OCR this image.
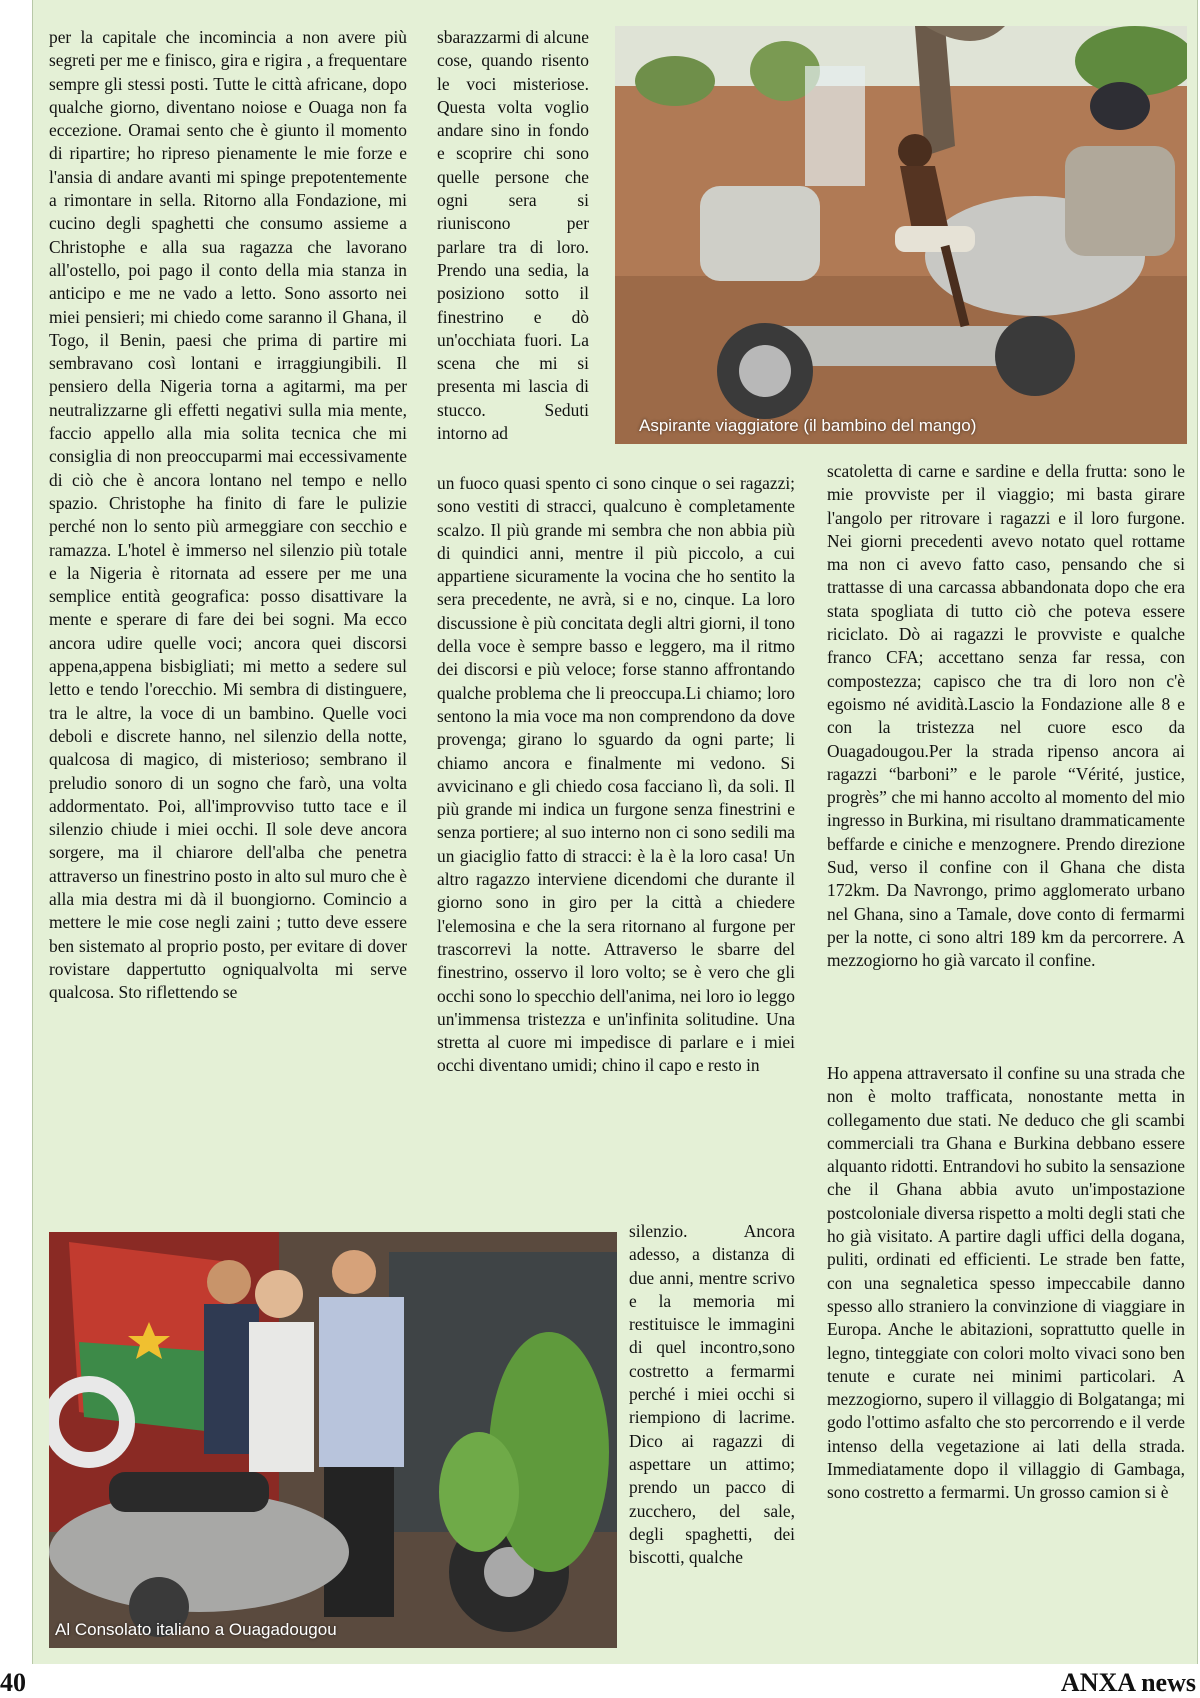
per la capitale che incomincia a non avere più segreti per me e finisco, gira e rigira , a frequentare sempre gli stessi posti. Tutte le città africane, dopo qualche giorno, diventano noiose e Ouaga non fa eccezione. Oramai sento che è giunto il momento di ripartire; ho ripreso pienamente le mie forze e l'ansia di andare avanti mi spinge prepotentemente a rimontare in sella. Ritorno alla Fondazione, mi cucino degli spaghetti che consumo assieme a Christophe e alla sua ragazza che lavorano all'ostello, poi pago il conto della mia stanza in anticipo e me ne vado a letto. Sono assorto nei miei pensieri; mi chiedo come saranno il Ghana, il Togo, il Benin, paesi che prima di partire mi sembravano così lontani e irraggiungibili. Il pensiero della Nigeria torna a agitarmi, ma per neutralizzarne gli effetti negativi sulla mia mente, faccio appello alla mia solita tecnica che mi consiglia di non preoccuparmi mai eccessivamente di ciò che è ancora lontano nel tempo e nello spazio. Christophe ha finito di fare le pulizie perché non lo sento più armeggiare con secchio e ramazza. L'hotel è immerso nel silenzio più totale e la Nigeria è ritornata ad essere per me una semplice entità geografica: posso disattivare la mente e sperare di fare dei bei sogni. Ma ecco ancora udire quelle voci; ancora quei discorsi appena,appena bisbigliati; mi metto a sedere sul letto e tendo l'orecchio. Mi sembra di distinguere, tra le altre, la voce di un bambino. Quelle voci deboli e discrete hanno, nel silenzio della notte, qualcosa di magico, di misterioso; sembrano il preludio sonoro di un sogno che farò, una volta addormentato. Poi, all'improvviso tutto tace e il silenzio chiude i miei occhi. Il sole deve ancora sorgere, ma il chiarore dell'alba che penetra attraverso un finestrino posto in alto sul muro che è alla mia destra mi dà il buongiorno. Comincio a mettere le mie cose negli zaini ; tutto deve essere ben sistemato al proprio posto, per evitare di dover rovistare dappertutto ogniqualvolta mi serve qualcosa. Sto riflettendo se

sbarazzarmi di alcune cose, quando risento le voci misteriose. Questa volta voglio andare sino in fondo e scoprire chi sono quelle persone che ogni sera si riuniscono per parlare tra di loro. Prendo una sedia, la posiziono sotto il finestrino e dò un'occhiata fuori. La scena che mi si presenta mi lascia di stucco. Seduti intorno ad

un fuoco quasi spento ci sono cinque o sei ragazzi; sono vestiti di stracci, qualcuno è completamente scalzo. Il più grande mi sembra che non abbia più di quindici anni, mentre il più piccolo, a cui appartiene sicuramente la vocina che ho sentito la sera precedente, ne avrà, si e no, cinque. La loro discussione è più concitata degli altri giorni, il tono della voce è sempre basso e leggero, ma il ritmo dei discorsi e più veloce; forse stanno affrontando qualche problema che li preoccupa.Li chiamo; loro sentono la mia voce ma non comprendono da dove provenga; girano lo sguardo da ogni parte; li chiamo ancora e finalmente mi vedono. Si avvicinano e gli chiedo cosa facciano lì, da soli. Il più grande mi indica un furgone senza finestrini e senza portiere; al suo interno non ci sono sedili ma un giaciglio fatto di stracci: è la è la loro casa! Un altro ragazzo interviene dicendomi che durante il giorno sono in giro per la città a chiedere l'elemosina e che la sera ritornano al furgone per trascorrevi la notte. Attraverso le sbarre del finestrino, osservo il loro volto; se è vero che gli occhi sono lo specchio dell'anima, nei loro io leggo un'immensa tristezza e un'infinita solitudine. Una stretta al cuore mi impedisce di parlare e i miei occhi diventano umidi; chino il capo e resto in

silenzio. Ancora adesso, a distanza di due anni, mentre scrivo e la memoria mi restituisce le immagini di quel incontro,sono costretto a fermarmi perché i miei occhi si riempiono di lacrime. Dico ai ragazzi di aspettare un attimo; prendo un pacco di zucchero, del sale, degli spaghetti, dei biscotti, qualche

scatoletta di carne e sardine e della frutta: sono le mie provviste per il viaggio; mi basta girare l'angolo per ritrovare i ragazzi e il loro furgone. Nei giorni precedenti avevo notato quel rottame ma non ci avevo fatto caso, pensando che si trattasse di una carcassa abbandonata dopo che era stata spogliata di tutto ciò che poteva essere riciclato. Dò ai ragazzi le provviste e qualche franco CFA; accettano senza far ressa, con compostezza; capisco che tra di loro non c'è egoismo né avidità.Lascio la Fondazione alle 8 e con la tristezza nel cuore esco da Ouagadougou.Per la strada ripenso ancora ai ragazzi “barboni” e le parole “Vérité, justice, progrès” che mi hanno accolto al momento del mio ingresso in Burkina, mi risultano drammaticamente beffarde e ciniche e menzognere. Prendo direzione Sud, verso il confine con il Ghana che dista 172km. Da Navrongo, primo agglomerato urbano nel Ghana, sino a Tamale, dove conto di fermarmi per la notte, ci sono altri 189 km da percorrere. A mezzogiorno ho già varcato il confine.

Ho appena attraversato il confine su una strada che non è molto trafficata, nonostante metta in collegamento due stati. Ne deduco che gli scambi commerciali tra Ghana e Burkina debbano essere alquanto ridotti. Entrandovi ho subito la sensazione che il Ghana abbia avuto un'impostazione postcoloniale diversa rispetto a molti degli stati che ho già visitato. A partire dagli uffici della dogana, puliti, ordinati ed efficienti. Le strade ben fatte, con una segnaletica spesso impeccabile danno spesso allo straniero la convinzione di viaggiare in Europa. Anche le abitazioni, soprattutto quelle in legno, tinteggiate con colori molto vivaci sono ben tenute e curate nei minimi particolari. A mezzogiorno, supero il villaggio di Bolgatanga; mi godo l'ottimo asfalto che sto percorrendo e il verde intenso della vegetazione ai lati della strada. Immediatamente dopo il villaggio di Gambaga, sono costretto a fermarmi. Un grosso camion si è

Aspirante viaggiatore (il bambino del mango)
Al Consolato italiano a Ouagadougou
40	ANXA news
